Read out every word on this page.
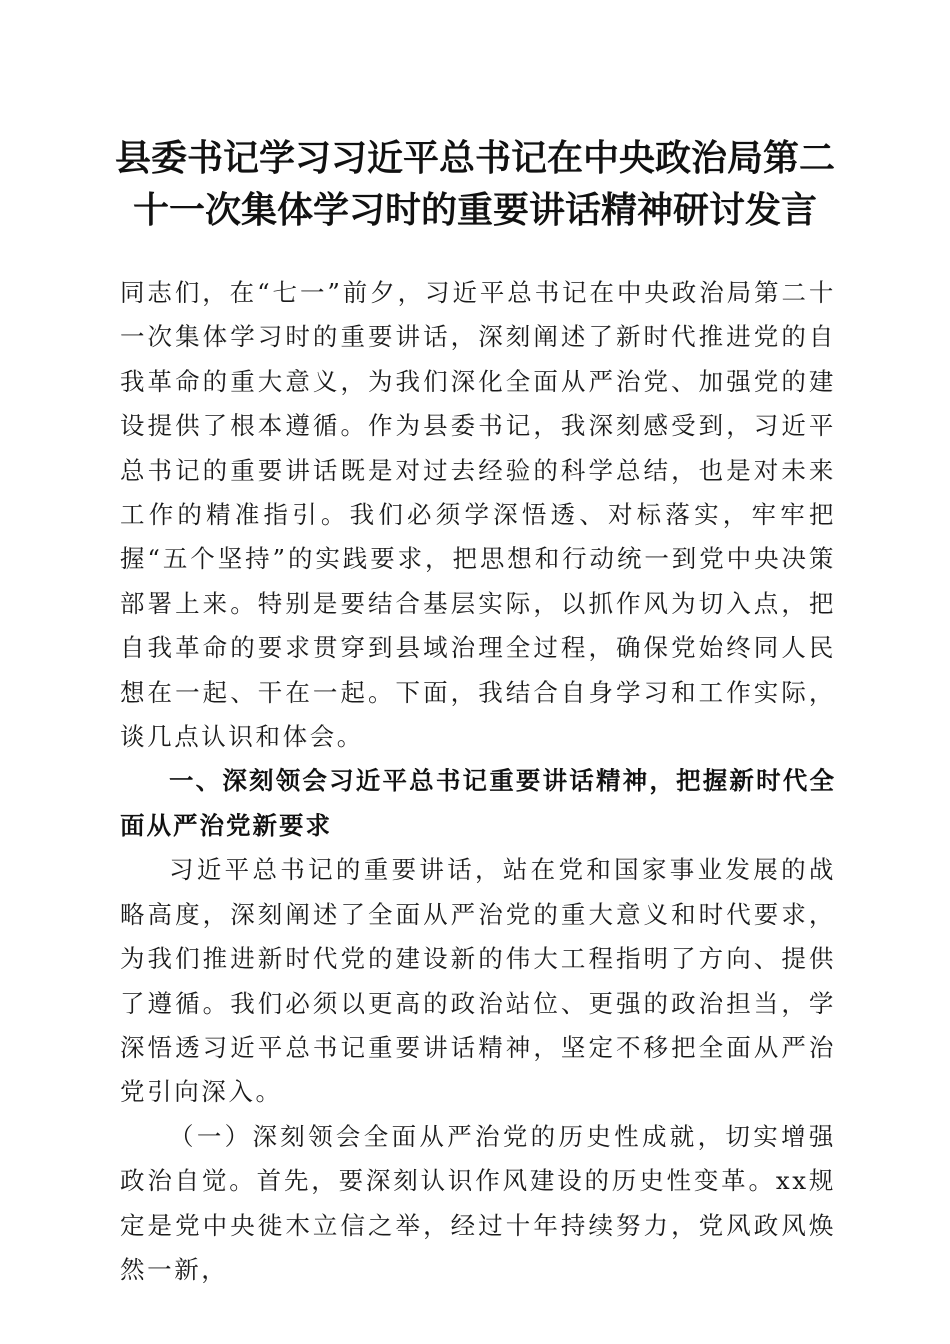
县委书记学习习近平总书记在中央政治局第二
十一次集体学习时的重要讲话精神研讨发言

同志们，在“七一”前夕，习近平总书记在中央政治局第二十一次集体学习时的重要讲话，深刻阐述了新时代推进党的自我革命的重大意义，为我们深化全面从严治党、加强党的建设提供了根本遵循。作为县委书记，我深刻感受到，习近平总书记的重要讲话既是对过去经验的科学总结，也是对未来工作的精准指引。我们必须学深悟透、对标落实，牢牢把握“五个坚持”的实践要求，把思想和行动统一到党中央决策部署上来。特别是要结合基层实际，以抓作风为切入点，把自我革命的要求贯穿到县域治理全过程，确保党始终同人民想在一起、干在一起。下面，我结合自身学习和工作实际，谈几点认识和体会。

一、深刻领会习近平总书记重要讲话精神，把握新时代全面从严治党新要求

习近平总书记的重要讲话，站在党和国家事业发展的战略高度，深刻阐述了全面从严治党的重大意义和时代要求，为我们推进新时代党的建设新的伟大工程指明了方向、提供了遵循。我们必须以更高的政治站位、更强的政治担当，学深悟透习近平总书记重要讲话精神，坚定不移把全面从严治党引向深入。

（一）深刻领会全面从严治党的历史性成就，切实增强政治自觉。首先，要深刻认识作风建设的历史性变革。xx规定是党中央徙木立信之举，经过十年持续努力，党风政风焕然一新，
